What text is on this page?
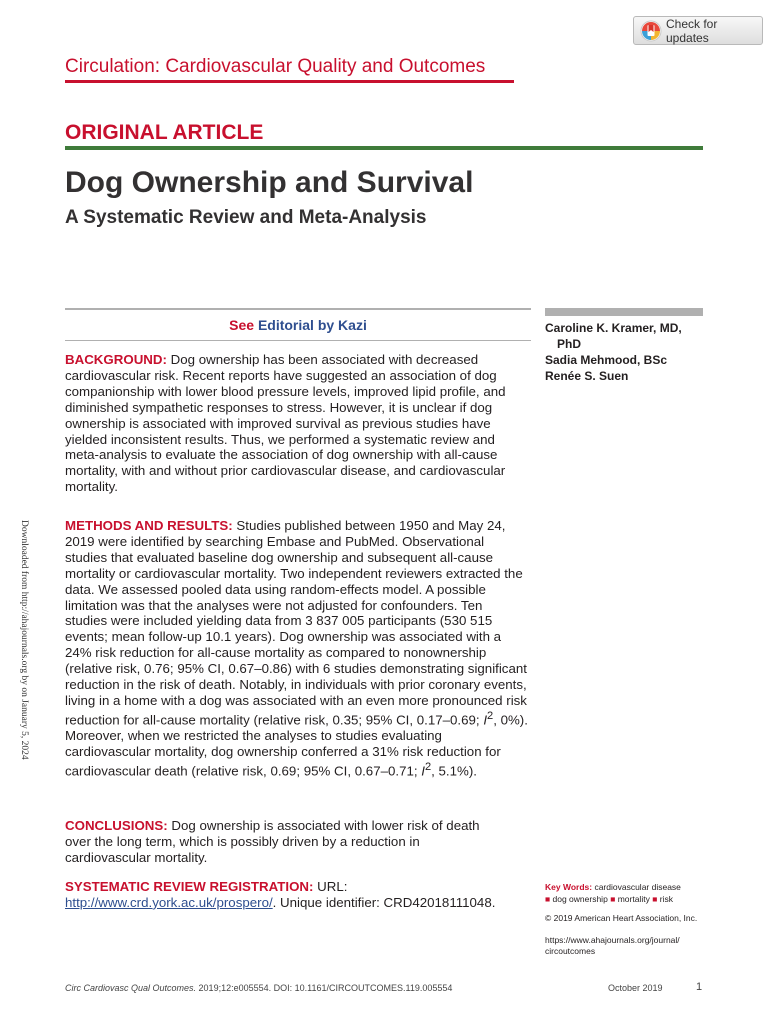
Check for updates
Circulation: Cardiovascular Quality and Outcomes
ORIGINAL ARTICLE
Dog Ownership and Survival
A Systematic Review and Meta-Analysis
See Editorial by Kazi

BACKGROUND: Dog ownership has been associated with decreased cardiovascular risk. Recent reports have suggested an association of dog companionship with lower blood pressure levels, improved lipid profile, and diminished sympathetic responses to stress. However, it is unclear if dog ownership is associated with improved survival as previous studies have yielded inconsistent results. Thus, we performed a systematic review and meta-analysis to evaluate the association of dog ownership with all-cause mortality, with and without prior cardiovascular disease, and cardiovascular mortality.

METHODS AND RESULTS: Studies published between 1950 and May 24, 2019 were identified by searching Embase and PubMed. Observational studies that evaluated baseline dog ownership and subsequent all-cause mortality or cardiovascular mortality. Two independent reviewers extracted the data. We assessed pooled data using random-effects model. A possible limitation was that the analyses were not adjusted for confounders. Ten studies were included yielding data from 3 837 005 participants (530 515 events; mean follow-up 10.1 years). Dog ownership was associated with a 24% risk reduction for all-cause mortality as compared to nonownership (relative risk, 0.76; 95% CI, 0.67–0.86) with 6 studies demonstrating significant reduction in the risk of death. Notably, in individuals with prior coronary events, living in a home with a dog was associated with an even more pronounced risk reduction for all-cause mortality (relative risk, 0.35; 95% CI, 0.17–0.69; $I^2$, 0%). Moreover, when we restricted the analyses to studies evaluating cardiovascular mortality, dog ownership conferred a 31% risk reduction for cardiovascular death (relative risk, 0.69; 95% CI, 0.67–0.71; $I^2$, 5.1%).

CONCLUSIONS: Dog ownership is associated with lower risk of death over the long term, which is possibly driven by a reduction in cardiovascular mortality.

SYSTEMATIC REVIEW REGISTRATION: URL: http://www.crd.york.ac.uk/prospero/. Unique identifier: CRD42018111048.

Caroline K. Kramer, MD, PhD
Sadia Mehmood, BSc
Renée S. Suen
Key Words: cardiovascular disease
■ dog ownership ■ mortality ■ risk
© 2019 American Heart Association, Inc.
https://www.ahajournals.org/journal/
circoutcomes
Downloaded from http://ahajournals.org by on January 5, 2024
Circ Cardiovasc Qual Outcomes. 2019;12:e005554. DOI: 10.1161/CIRCOUTCOMES.119.005554	October 2019	1
